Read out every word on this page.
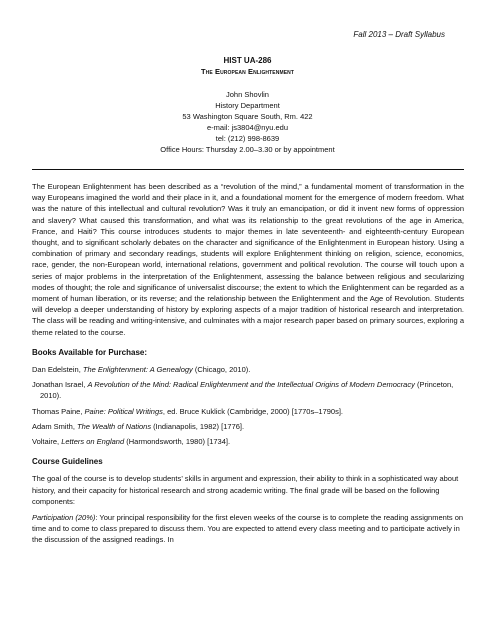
Fall 2013 – Draft Syllabus
HIST UA-286
The European Enlightenment
John Shovlin
History Department
53 Washington Square South, Rm. 422
e-mail: js3804@nyu.edu
tel: (212) 998-8639
Office Hours: Thursday 2.00–3.30 or by appointment

The European Enlightenment has been described as a “revolution of the mind,” a fundamental moment of transformation in the way Europeans imagined the world and their place in it, and a foundational moment for the emergence of modern freedom. What was the nature of this intellectual and cultural revolution? Was it truly an emancipation, or did it invent new forms of oppression and slavery? What caused this transformation, and what was its relationship to the great revolutions of the age in America, France, and Haiti? This course introduces students to major themes in late seventeenth- and eighteenth-century European thought, and to significant scholarly debates on the character and significance of the Enlightenment in European history. Using a combination of primary and secondary readings, students will explore Enlightenment thinking on religion, science, economics, race, gender, the non-European world, international relations, government and political revolution. The course will touch upon a series of major problems in the interpretation of the Enlightenment, assessing the balance between religious and secularizing modes of thought; the role and significance of universalist discourse; the extent to which the Enlightenment can be regarded as a moment of human liberation, or its reverse; and the relationship between the Enlightenment and the Age of Revolution. Students will develop a deeper understanding of history by exploring aspects of a major tradition of historical research and interpretation. The class will be reading and writing-intensive, and culminates with a major research paper based on primary sources, exploring a theme related to the course.

Books Available for Purchase:

Dan Edelstein, The Enlightenment: A Genealogy (Chicago, 2010).

Jonathan Israel, A Revolution of the Mind: Radical Enlightenment and the Intellectual Origins of Modern Democracy (Princeton, 2010).

Thomas Paine, Paine: Political Writings, ed. Bruce Kuklick (Cambridge, 2000) [1770s–1790s].

Adam Smith, The Wealth of Nations (Indianapolis, 1982) [1776].

Voltaire, Letters on England (Harmondsworth, 1980) [1734].

Course Guidelines

The goal of the course is to develop students’ skills in argument and expression, their ability to think in a sophisticated way about history, and their capacity for historical research and strong academic writing. The final grade will be based on the following components:

Participation (20%): Your principal responsibility for the first eleven weeks of the course is to complete the reading assignments on time and to come to class prepared to discuss them. You are expected to attend every class meeting and to participate actively in the discussion of the assigned readings. In
